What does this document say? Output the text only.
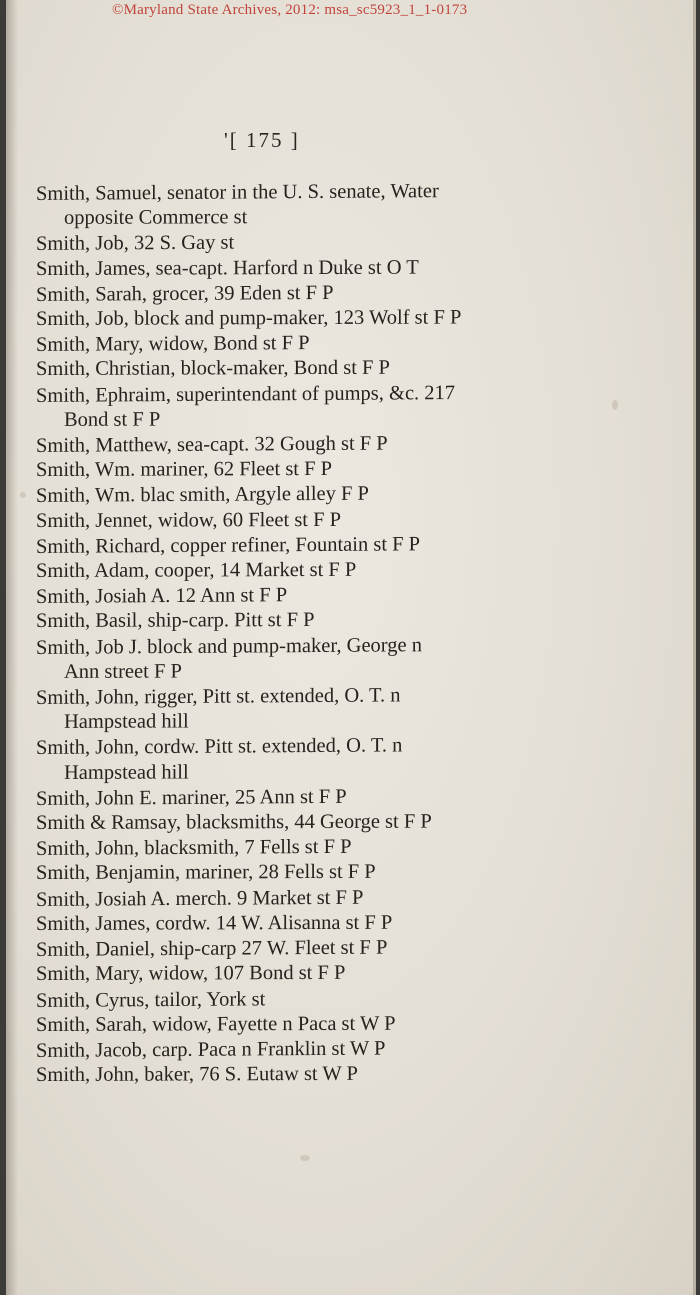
©Maryland State Archives, 2012: msa_sc5923_1_1-0173
'[ 175 ]
Smith, Samuel, senator in the U. S. senate, Water
opposite Commerce st
Smith, Job, 32 S. Gay st
Smith, James, sea-capt. Harford n Duke st O T
Smith, Sarah, grocer, 39 Eden st F P
Smith, Job, block and pump-maker, 123 Wolf st F P
Smith, Mary, widow, Bond st F P
Smith, Christian, block-maker, Bond st F P
Smith, Ephraim, superintendant of pumps, &c. 217
Bond st F P
Smith, Matthew, sea-capt. 32 Gough st F P
Smith, Wm. mariner, 62 Fleet st F P
Smith, Wm. blac smith, Argyle alley F P
Smith, Jennet, widow, 60 Fleet st F P
Smith, Richard, copper refiner, Fountain st F P
Smith, Adam, cooper, 14 Market st F P
Smith, Josiah A. 12 Ann st F P
Smith, Basil, ship-carp. Pitt st F P
Smith, Job J. block and pump-maker, George n
Ann street F P
Smith, John, rigger, Pitt st. extended, O. T. n
Hampstead hill
Smith, John, cordw. Pitt st. extended, O. T. n
Hampstead hill
Smith, John E. mariner, 25 Ann st F P
Smith & Ramsay, blacksmiths, 44 George st F P
Smith, John, blacksmith, 7 Fells st F P
Smith, Benjamin, mariner, 28 Fells st F P
Smith, Josiah A. merch. 9 Market st F P
Smith, James, cordw. 14 W. Alisanna st F P
Smith, Daniel, ship-carp 27 W. Fleet st F P
Smith, Mary, widow, 107 Bond st F P
Smith, Cyrus, tailor, York st
Smith, Sarah, widow, Fayette n Paca st W P
Smith, Jacob, carp. Paca n Franklin st W P
Smith, John, baker, 76 S. Eutaw st W P
